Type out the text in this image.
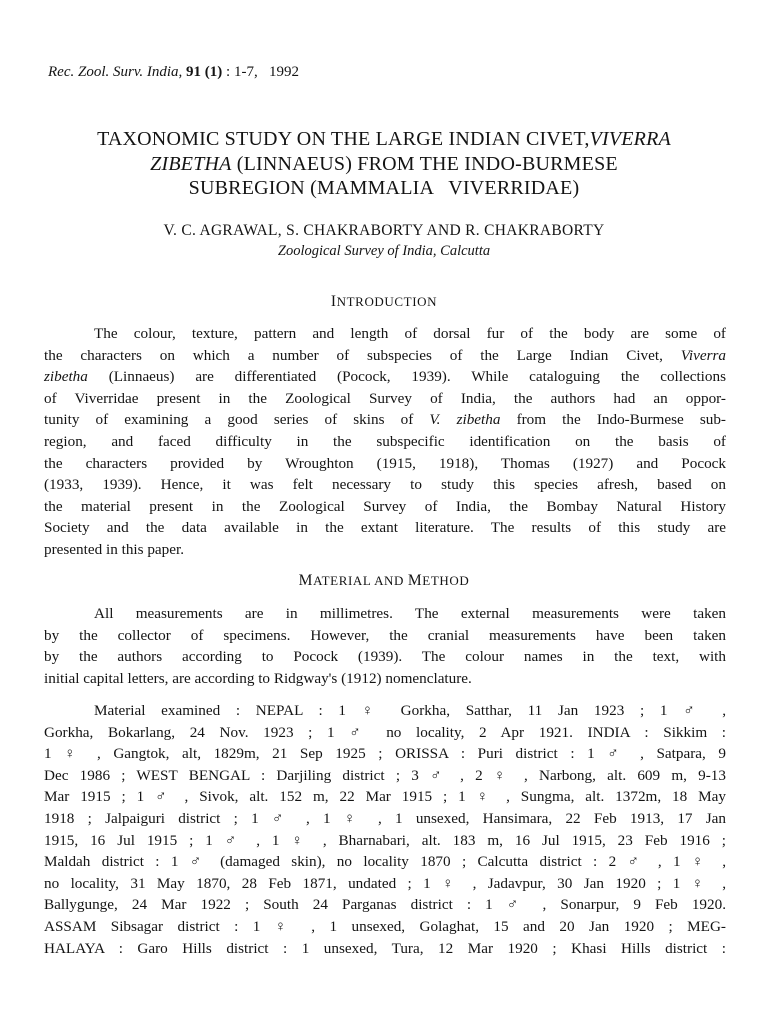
Rec. Zool. Surv. India, 91 (1) : 1-7, 1992
TAXONOMIC STUDY ON THE LARGE INDIAN CIVET,VIVERRA
ZIBETHA (LINNAEUS) FROM THE INDO-BURMESE
SUBREGION (MAMMALIA   VIVERRIDAE)
V. C. AGRAWAL, S. CHAKRABORTY AND R. CHAKRABORTY
Zoological Survey of India, Calcutta
INTRODUCTION
The colour, texture, pattern and length of dorsal fur of the body are some of
the characters on which a number of subspecies of the Large Indian Civet, Viverra
zibetha (Linnaeus) are differentiated (Pocock, 1939). While cataloguing the collections
of Viverridae present in the Zoological Survey of India, the authors had an oppor-
tunity of examining a good series of skins of V. zibetha from the Indo-Burmese sub-
region, and faced difficulty in the subspecific identification on the basis of
the characters provided by Wroughton (1915, 1918), Thomas (1927) and Pocock
(1933, 1939). Hence, it was felt necessary to study this species afresh, based on
the material present in the Zoological Survey of India, the Bombay Natural History
Society and the data available in the extant literature. The results of this study are
presented in this paper.
MATERIAL AND METHOD
All measurements are in millimetres. The external measurements were taken
by the collector of specimens. However, the cranial measurements have been taken
by the authors according to Pocock (1939). The colour names in the text, with
initial capital letters, are according to Ridgway's (1912) nomenclature.
Material examined : NEPAL : 1 ♀ Gorkha, Satthar, 11 Jan 1923 ; 1 ♂ ,
Gorkha, Bokarlang, 24 Nov. 1923 ; 1 ♂ no locality, 2 Apr 1921. INDIA : Sikkim :
1 ♀ , Gangtok, alt, 1829m, 21 Sep 1925 ; ORISSA : Puri district : 1 ♂ , Satpara, 9
Dec 1986 ; WEST BENGAL : Darjiling district ; 3 ♂ , 2 ♀ , Narbong, alt. 609 m, 9-13
Mar 1915 ; 1 ♂ , Sivok, alt. 152 m, 22 Mar 1915 ; 1 ♀ , Sungma, alt. 1372m, 18 May
1918 ; Jalpaiguri district ; 1 ♂ , 1 ♀ , 1 unsexed, Hansimara, 22 Feb 1913, 17 Jan
1915, 16 Jul 1915 ; 1 ♂ , 1 ♀ , Bharnabari, alt. 183 m, 16 Jul 1915, 23 Feb 1916 ;
Maldah district : 1 ♂ (damaged skin), no locality 1870 ; Calcutta district : 2 ♂ , 1 ♀ ,
no locality, 31 May 1870, 28 Feb 1871, undated ; 1 ♀ , Jadavpur, 30 Jan 1920 ; 1 ♀ ,
Ballygunge, 24 Mar 1922 ; South 24 Parganas district : 1 ♂ , Sonarpur, 9 Feb 1920.
ASSAM Sibsagar district : 1 ♀ , 1 unsexed, Golaghat, 15 and 20 Jan 1920 ; MEG-
HALAYA : Garo Hills district : 1 unsexed, Tura, 12 Mar 1920 ; Khasi Hills district :
